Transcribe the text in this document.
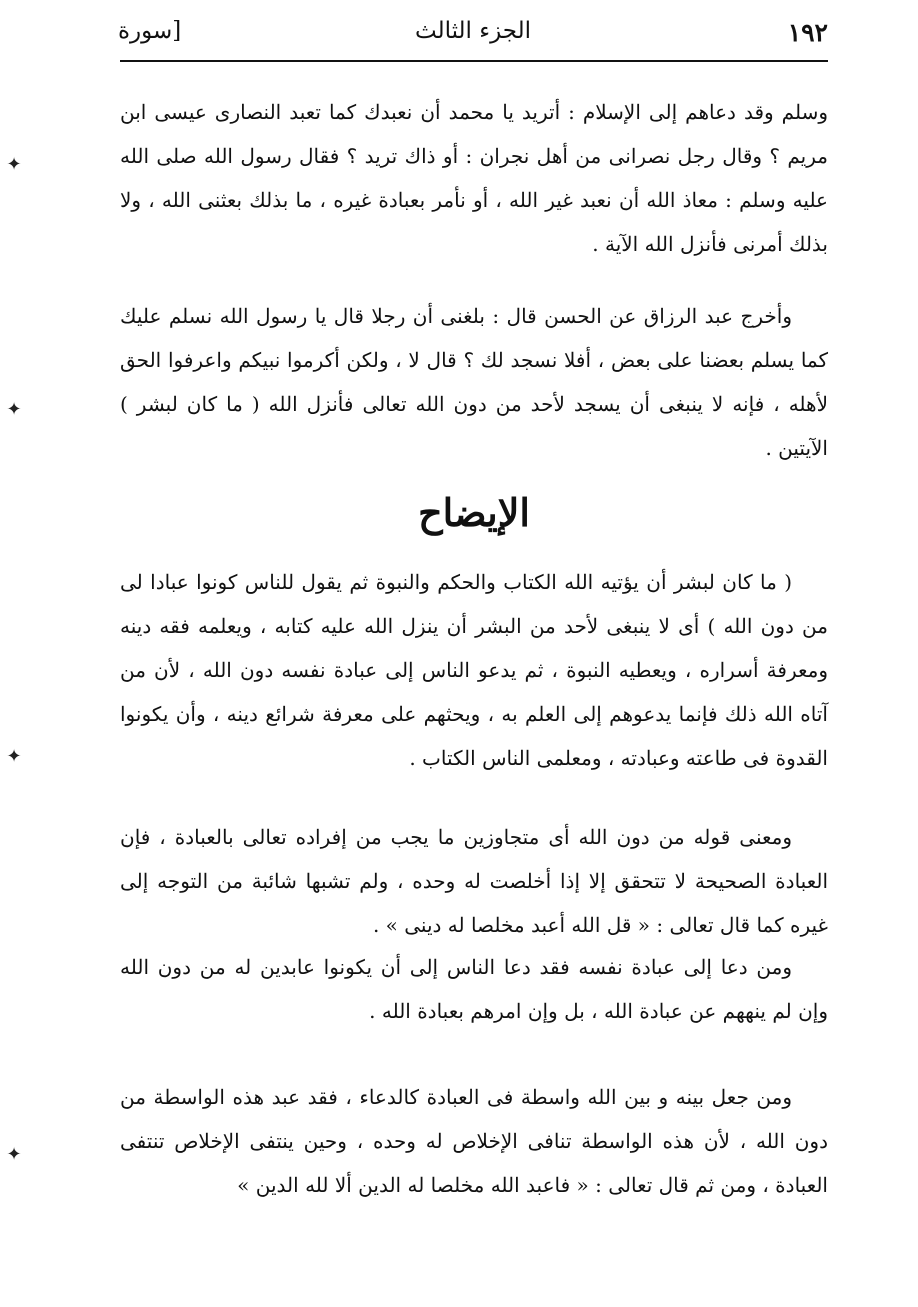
١٩٢
الجزء الثالث
[سورة

وسلم وقد دعاهم إلى الإسلام : أتريد يا محمد أن نعبدك كما تعبد النصارى عيسى ابن مريم ؟ وقال رجل نصرانى من أهل نجران : أو ذاك تريد ؟ فقال رسول الله صلى الله عليه وسلم : معاذ الله أن نعبد غير الله ، أو نأمر بعبادة غيره ، ما بذلك بعثنى الله ، ولا بذلك أمرنى فأنزل الله الآية .

وأخرج عبد الرزاق عن الحسن قال : بلغنى أن رجلا قال يا رسول الله نسلم عليك كما يسلم بعضنا على بعض ، أفلا نسجد لك ؟ قال لا ، ولكن أكرموا نبيكم واعرفوا الحق لأهله ، فإنه لا ينبغى أن يسجد لأحد من دون الله تعالى فأنزل الله ( ما كان لبشر ) الآيتين .

الإيضاح

( ما كان لبشر أن يؤتيه الله الكتاب والحكم والنبوة ثم يقول للناس كونوا عبادا لى من دون الله ) أى لا ينبغى لأحد من البشر أن ينزل الله عليه كتابه ، ويعلمه فقه دينه ومعرفة أسراره ، ويعطيه النبوة ، ثم يدعو الناس إلى عبادة نفسه دون الله ، لأن من آتاه الله ذلك فإنما يدعوهم إلى العلم به ، ويحثهم على معرفة شرائع دينه ، وأن يكونوا القدوة فى طاعته وعبادته ، ومعلمى الناس الكتاب .

ومعنى قوله من دون الله أى متجاوزين ما يجب من إفراده تعالى بالعبادة ، فإن العبادة الصحيحة لا تتحقق إلا إذا أخلصت له وحده ، ولم تشبها شائبة من التوجه إلى غيره كما قال تعالى : « قل الله أعبد مخلصا له دينى » .

ومن دعا إلى عبادة نفسه فقد دعا الناس إلى أن يكونوا عابدين له من دون الله وإن لم ينههم عن عبادة الله ، بل وإن امرهم بعبادة الله .

ومن جعل بينه و بين الله واسطة فى العبادة كالدعاء ، فقد عبد هذه الواسطة من دون الله ، لأن هذه الواسطة تنافى الإخلاص له وحده ، وحين ينتفى الإخلاص تنتفى العبادة ، ومن ثم قال تعالى : « فاعبد الله مخلصا له الدين ألا لله الدين »

✦
✦
✦
✦
